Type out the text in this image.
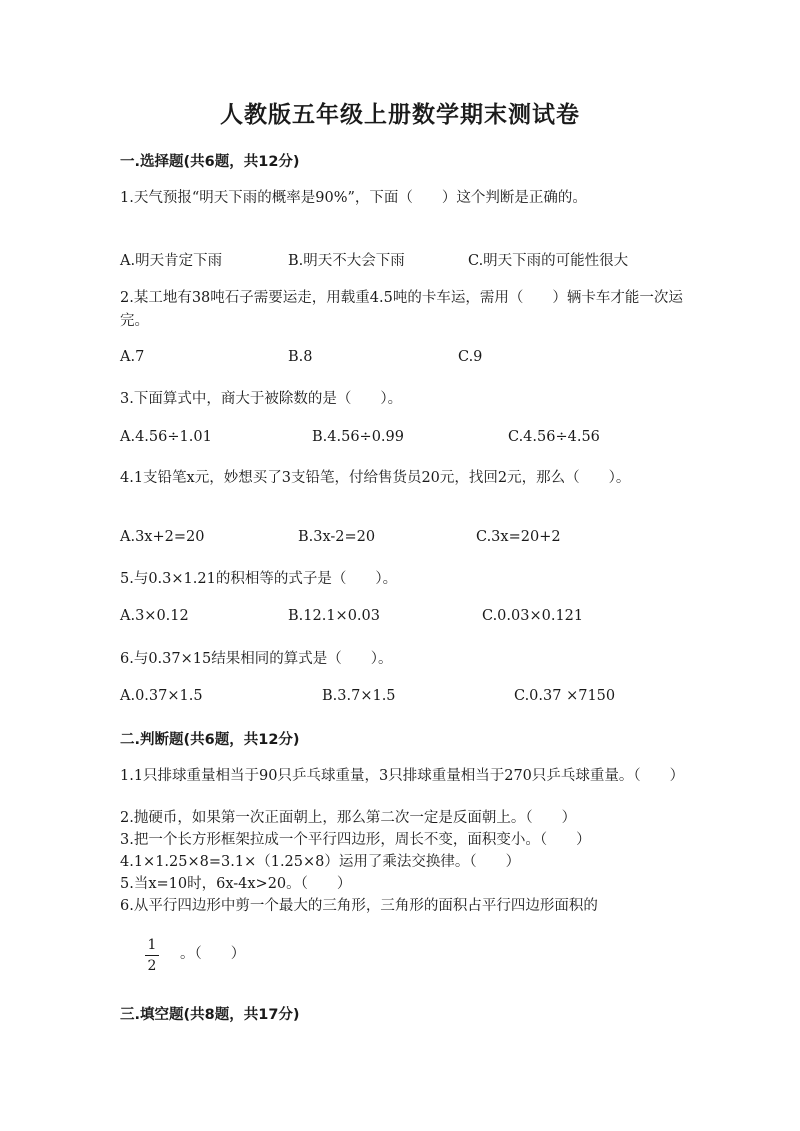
人教版五年级上册数学期末测试卷
一.选择题(共6题，共12分)
1.天气预报“明天下雨的概率是90%”，下面（　　）这个判断是正确的。
A.明天肯定下雨	B.明天不大会下雨	C.明天下雨的可能性很大
2.某工地有38吨石子需要运走，用载重4.5吨的卡车运，需用（　　）辆卡车才能一次运完。
A.7	B.8	C.9
3.下面算式中，商大于被除数的是（　　）。
A.4.56÷1.01	B.4.56÷0.99	C.4.56÷4.56
4.1支铅笔x元，妙想买了3支铅笔，付给售货员20元，找回2元，那么（　　）。
A.3x+2=20	B.3x-2=20	C.3x=20+2
5.与0.3×1.21的积相等的式子是（　　）。
A.3×0.12	B.12.1×0.03	C.0.03×0.121
6.与0.37×15结果相同的算式是（　　）。
A.0.37×1.5	B.3.7×1.5	C.0.37 ×7150
二.判断题(共6题，共12分)
1.1只排球重量相当于90只乒乓球重量，3只排球重量相当于270只乒乓球重量。（　　）
2.抛硬币，如果第一次正面朝上，那么第二次一定是反面朝上。（　　）
3.把一个长方形框架拉成一个平行四边形，周长不变，面积变小。（　　）
4.1×1.25×8=3.1×（1.25×8）运用了乘法交换律。（　　）
5.当x=10时，6x-4x>20。（　　）
6.从平行四边形中剪一个最大的三角形，三角形的面积占平行四边形面积的
1
2
。（　　）
三.填空题(共8题，共17分)
